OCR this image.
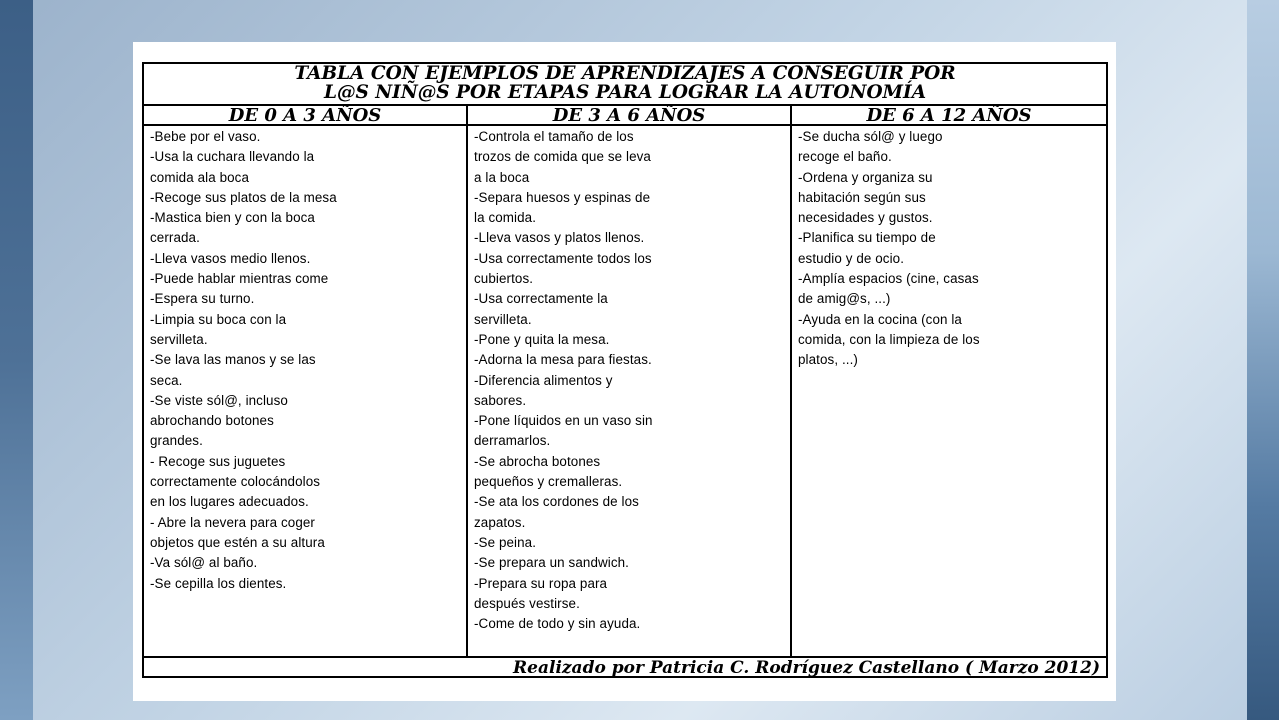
TABLA CON EJEMPLOS DE APRENDIZAJES A CONSEGUIR POR
L@S NIÑ@S POR ETAPAS PARA LOGRAR LA AUTONOMÍA
DE 0 A 3 AÑOS	DE 3 A 6 AÑOS	DE 6 A 12 AÑOS
-Bebe por el vaso.
-Usa la cuchara llevando la
comida ala boca
-Recoge sus platos de la mesa
-Mastica bien y con la boca
cerrada.
-Lleva vasos medio llenos.
-Puede hablar mientras come
-Espera su turno.
-Limpia su boca con la
servilleta.
-Se lava las manos y se las
seca.
-Se viste sól@, incluso
abrochando botones
grandes.
- Recoge sus juguetes
correctamente colocándolos
en los lugares adecuados.
- Abre la nevera para coger
objetos que estén a su altura
-Va sól@ al baño.
-Se cepilla los dientes.
-Controla el tamaño de los
trozos de comida que se leva
a la boca
-Separa huesos y espinas de
la comida.
-Lleva vasos y platos llenos.
-Usa correctamente todos los
cubiertos.
-Usa correctamente la
servilleta.
-Pone y quita la mesa.
-Adorna la mesa para fiestas.
-Diferencia alimentos y
sabores.
-Pone líquidos en un vaso sin
derramarlos.
-Se abrocha botones
pequeños y cremalleras.
-Se ata los cordones de los
zapatos.
-Se peina.
-Se prepara un sandwich.
-Prepara su ropa para
después vestirse.
-Come de todo y sin ayuda.
-Se ducha sól@ y luego
recoge el baño.
-Ordena y organiza su
habitación según sus
necesidades y gustos.
-Planifica su tiempo de
estudio y de ocio.
-Amplía espacios (cine, casas
de amig@s, ...)
-Ayuda en la cocina (con la
comida, con la limpieza de los
platos, ...)
Realizado por Patricia C. Rodríguez Castellano ( Marzo 2012)
